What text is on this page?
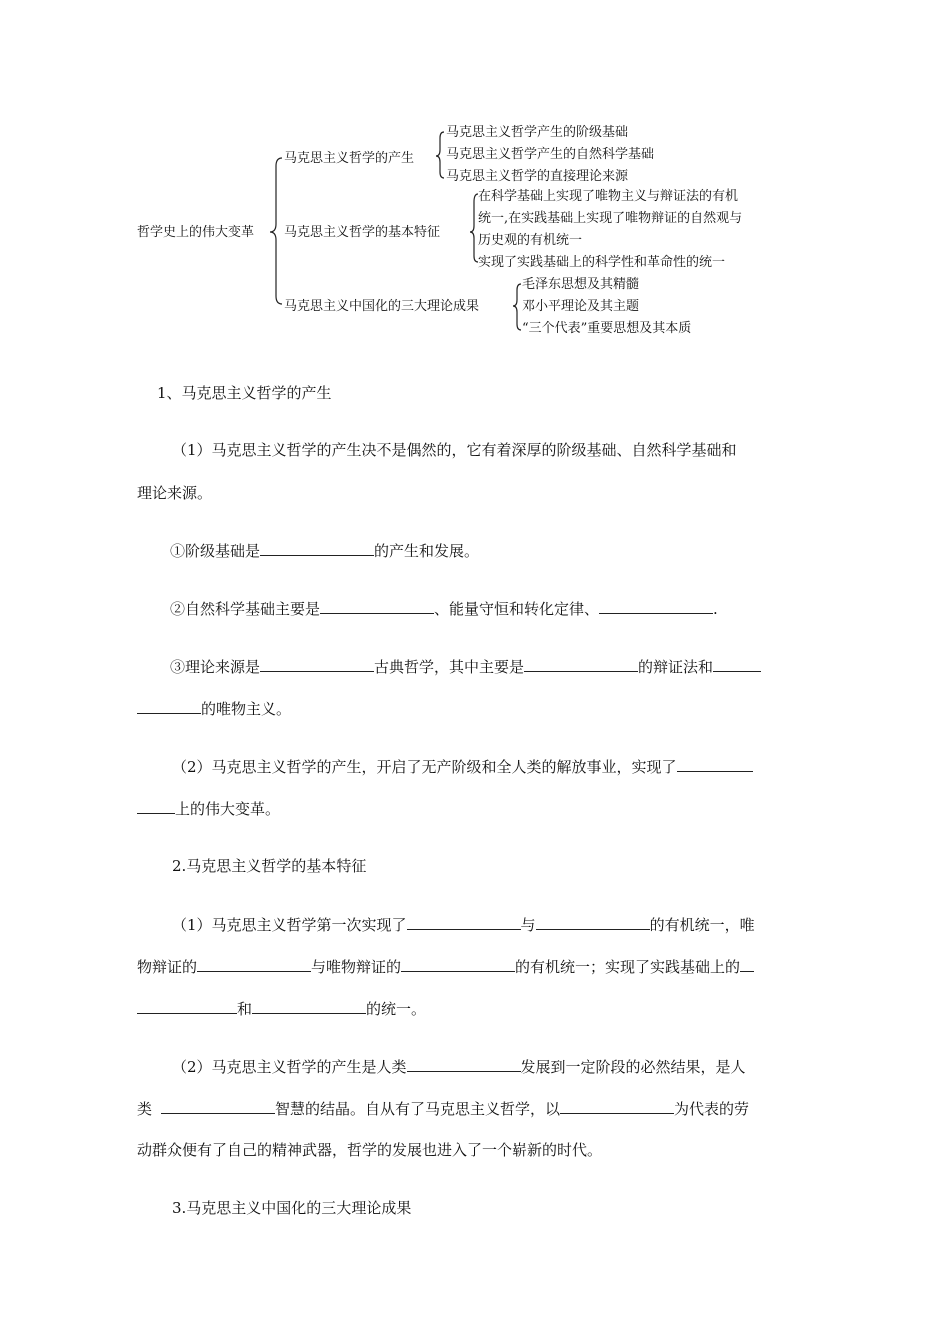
哲学史上的伟大变革
马克思主义哲学的产生
马克思主义哲学产生的阶级基础
马克思主义哲学产生的自然科学基础
马克思主义哲学的直接理论来源
马克思主义哲学的基本特征
在科学基础上实现了唯物主义与辩证法的有机
统一,在实践基础上实现了唯物辩证的自然观与
历史观的有机统一
实现了实践基础上的科学性和革命性的统一
马克思主义中国化的三大理论成果
毛泽东思想及其精髓
邓小平理论及其主题
“三个代表”重要思想及其本质
1、马克思主义哲学的产生
（1）马克思主义哲学的产生决不是偶然的，它有着深厚的阶级基础、自然科学基础和
理论来源。
①阶级基础是	的产生和发展。
②自然科学基础主要是	、能量守恒和转化定律、	.
③理论来源是	古典哲学，其中主要是	的辩证法和
的唯物主义。
（2）马克思主义哲学的产生，开启了无产阶级和全人类的解放事业，实现了
上的伟大变革。
2.马克思主义哲学的基本特征
（1）马克思主义哲学第一次实现了	与	的有机统一，唯
物辩证的	与唯物辩证的	的有机统一；实现了实践基础上的
和	的统一。
（2）马克思主义哲学的产生是人类	发展到一定阶段的必然结果，是人
类	智慧的结晶。自从有了马克思主义哲学，以	为代表的劳
动群众便有了自己的精神武器，哲学的发展也进入了一个崭新的时代。
3.马克思主义中国化的三大理论成果
